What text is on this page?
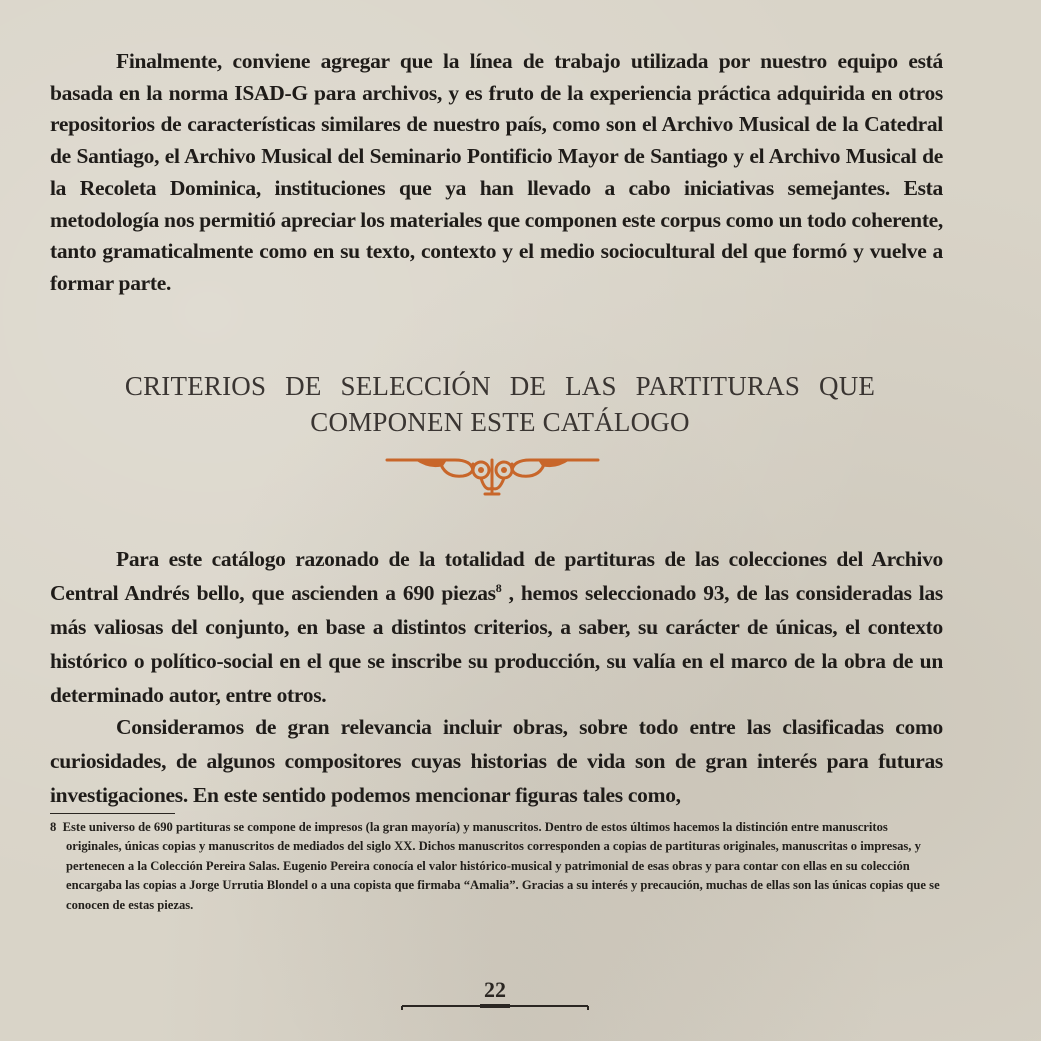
Finalmente, conviene agregar que la línea de trabajo utilizada por nuestro equipo está basada en la norma ISAD-G para archivos, y es fruto de la experiencia práctica adquirida en otros repositorios de características similares de nuestro país, como son el Archivo Musical de la Catedral de Santiago, el Archivo Musical del Seminario Pontificio Mayor de Santiago y el Archivo Musical de la Recoleta Dominica, instituciones que ya han llevado a cabo iniciativas semejantes. Esta metodología nos permitió apreciar los materiales que componen este corpus como un todo coherente, tanto gramaticalmente como en su texto, contexto y el medio sociocultural del que formó y vuelve a formar parte.

CRITERIOS DE SELECCIÓN DE LAS PARTITURAS QUE
COMPONEN ESTE CATÁLOGO

Para este catálogo razonado de la totalidad de partituras de las colecciones del Archivo Central Andrés bello, que ascienden a 690 piezas$^8$ , hemos seleccionado 93, de las consideradas las más valiosas del conjunto, en base a distintos criterios, a saber, su carácter de únicas, el contexto histórico o político-social en el que se inscribe su producción, su valía en el marco de la obra de un determinado autor, entre otros.

Consideramos de gran relevancia incluir obras, sobre todo entre las clasificadas como curiosidades, de algunos compositores cuyas historias de vida son de gran interés para futuras investigaciones. En este sentido podemos mencionar figuras tales como,

8 Este universo de 690 partituras se compone de impresos (la gran mayoría) y manuscritos. Dentro de estos últimos hacemos la distinción entre manuscritos originales, únicas copias y manuscritos de mediados del siglo XX. Dichos manuscritos corresponden a copias de partituras originales, manuscritas o impresas, y pertenecen a la Colección Pereira Salas. Eugenio Pereira conocía el valor histórico-musical y patrimonial de esas obras y para contar con ellas en su colección encargaba las copias a Jorge Urrutia Blondel o a una copista que firmaba “Amalia”. Gracias a su interés y precaución, muchas de ellas son las únicas copias que se conocen de estas piezas.

22
